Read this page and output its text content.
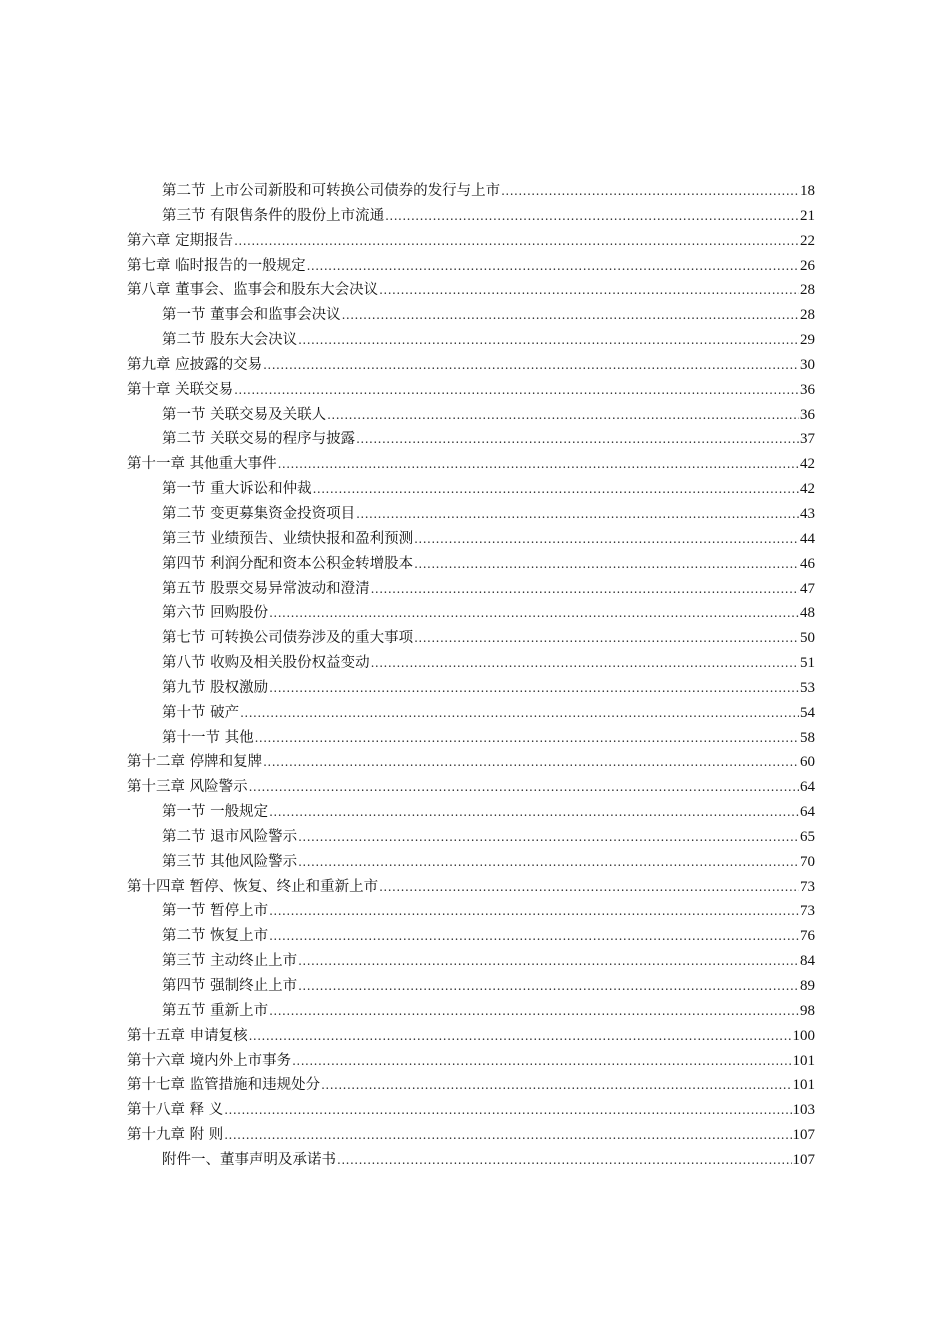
第二节 上市公司新股和可转换公司债券的发行与上市 .....	18
第三节 有限售条件的股份上市流通 .....	21
第六章 定期报告 .....	22
第七章 临时报告的一般规定 .....	26
第八章 董事会、监事会和股东大会决议 .....	28
第一节 董事会和监事会决议 .....	28
第二节 股东大会决议 .....	29
第九章 应披露的交易 .....	30
第十章 关联交易 .....	36
第一节 关联交易及关联人 .....	36
第二节 关联交易的程序与披露 .....	37
第十一章 其他重大事件 .....	42
第一节 重大诉讼和仲裁 .....	42
第二节 变更募集资金投资项目 .....	43
第三节 业绩预告、业绩快报和盈利预测 .....	44
第四节 利润分配和资本公积金转增股本 .....	46
第五节 股票交易异常波动和澄清 .....	47
第六节 回购股份 .....	48
第七节 可转换公司债券涉及的重大事项 .....	50
第八节 收购及相关股份权益变动 .....	51
第九节 股权激励 .....	53
第十节 破产 .....	54
第十一节 其他 .....	58
第十二章 停牌和复牌 .....	60
第十三章 风险警示 .....	64
第一节 一般规定 .....	64
第二节 退市风险警示 .....	65
第三节 其他风险警示 .....	70
第十四章 暂停、恢复、终止和重新上市 .....	73
第一节 暂停上市 .....	73
第二节 恢复上市 .....	76
第三节 主动终止上市 .....	84
第四节 强制终止上市 .....	89
第五节 重新上市 .....	98
第十五章 申请复核 .....	100
第十六章 境内外上市事务 .....	101
第十七章 监管措施和违规处分 .....	101
第十八章 释 义 .....	103
第十九章 附 则 .....	107
附件一、董事声明及承诺书 .....	107
